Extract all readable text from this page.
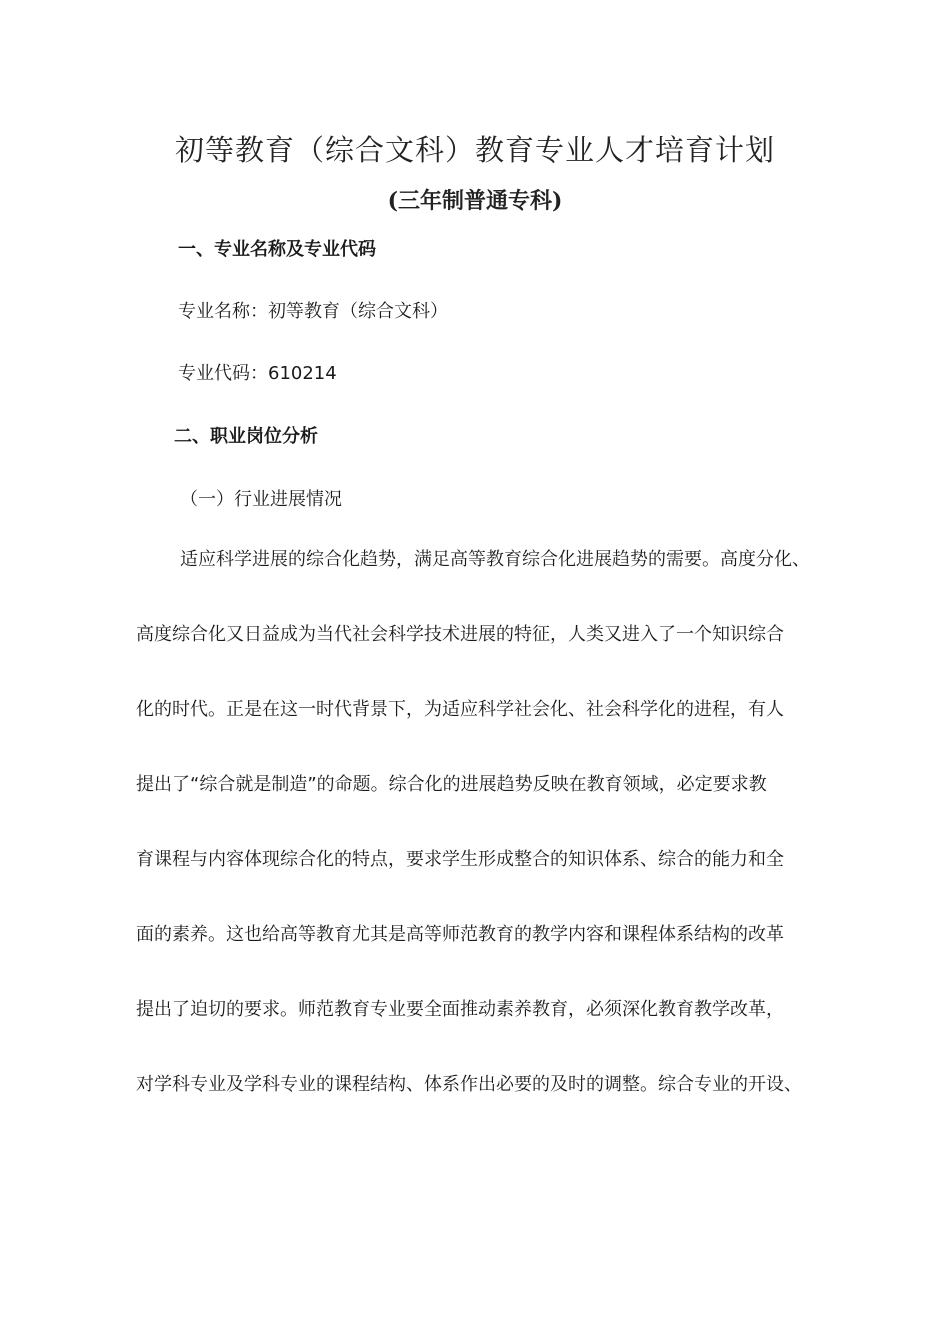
初等教育（综合文科）教育专业人才培育计划
(三年制普通专科)

一、专业名称及专业代码

专业名称：初等教育（综合文科）

专业代码：610214

二、职业岗位分析

（一）行业进展情况

适应科学进展的综合化趋势，满足高等教育综合化进展趋势的需要。高度分化、
高度综合化又日益成为当代社会科学技术进展的特征，人类又进入了一个知识综合
化的时代。正是在这一时代背景下，为适应科学社会化、社会科学化的进程，有人
提出了“综合就是制造”的命题。综合化的进展趋势反映在教育领域，必定要求教
育课程与内容体现综合化的特点，要求学生形成整合的知识体系、综合的能力和全
面的素养。这也给高等教育尤其是高等师范教育的教学内容和课程体系结构的改革
提出了迫切的要求。师范教育专业要全面推动素养教育，必须深化教育教学改革，
对学科专业及学科专业的课程结构、体系作出必要的及时的调整。综合专业的开设、
